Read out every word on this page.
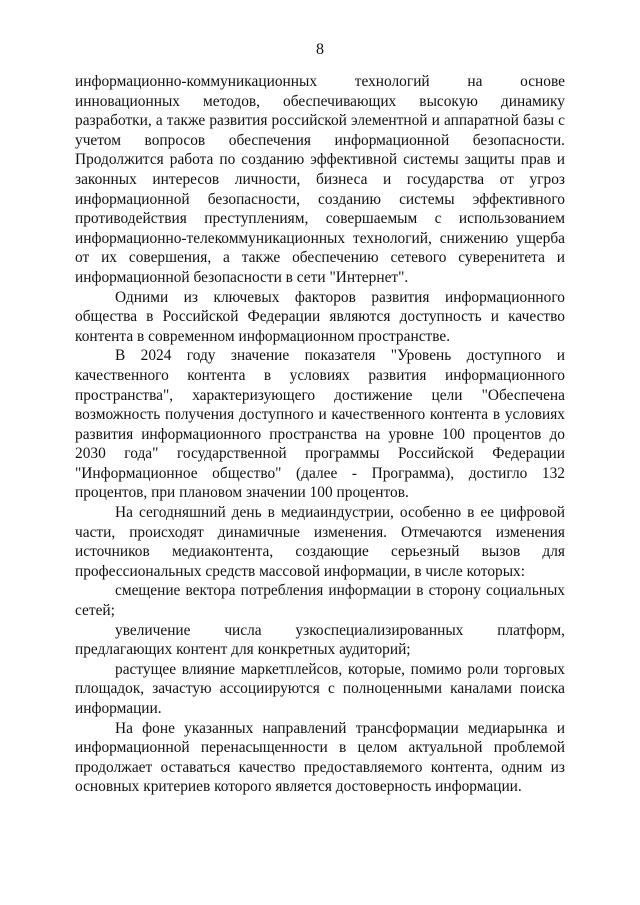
8

информационно-коммуникационных технологий на основе инновационных методов, обеспечивающих высокую динамику разработки, а также развития российской элементной и аппаратной базы с учетом вопросов обеспечения информационной безопасности. Продолжится работа по созданию эффективной системы защиты прав и законных интересов личности, бизнеса и государства от угроз информационной безопасности, созданию системы эффективного противодействия преступлениям, совершаемым с использованием информационно-телекоммуникационных технологий, снижению ущерба от их совершения, а также обеспечению сетевого суверенитета и информационной безопасности в сети "Интернет".

Одними из ключевых факторов развития информационного общества в Российской Федерации являются доступность и качество контента в современном информационном пространстве.

В 2024 году значение показателя "Уровень доступного и качественного контента в условиях развития информационного пространства", характеризующего достижение цели "Обеспечена возможность получения доступного и качественного контента в условиях развития информационного пространства на уровне 100 процентов до 2030 года" государственной программы Российской Федерации "Информационное общество" (далее - Программа), достигло 132 процентов, при плановом значении 100 процентов.

На сегодняшний день в медиаиндустрии, особенно в ее цифровой части, происходят динамичные изменения. Отмечаются изменения источников медиаконтента, создающие серьезный вызов для профессиональных средств массовой информации, в числе которых:

смещение вектора потребления информации в сторону социальных сетей;

увеличение числа узкоспециализированных платформ, предлагающих контент для конкретных аудиторий;

растущее влияние маркетплейсов, которые, помимо роли торговых площадок, зачастую ассоциируются с полноценными каналами поиска информации.

На фоне указанных направлений трансформации медиарынка и информационной перенасыщенности в целом актуальной проблемой продолжает оставаться качество предоставляемого контента, одним из основных критериев которого является достоверность информации.
